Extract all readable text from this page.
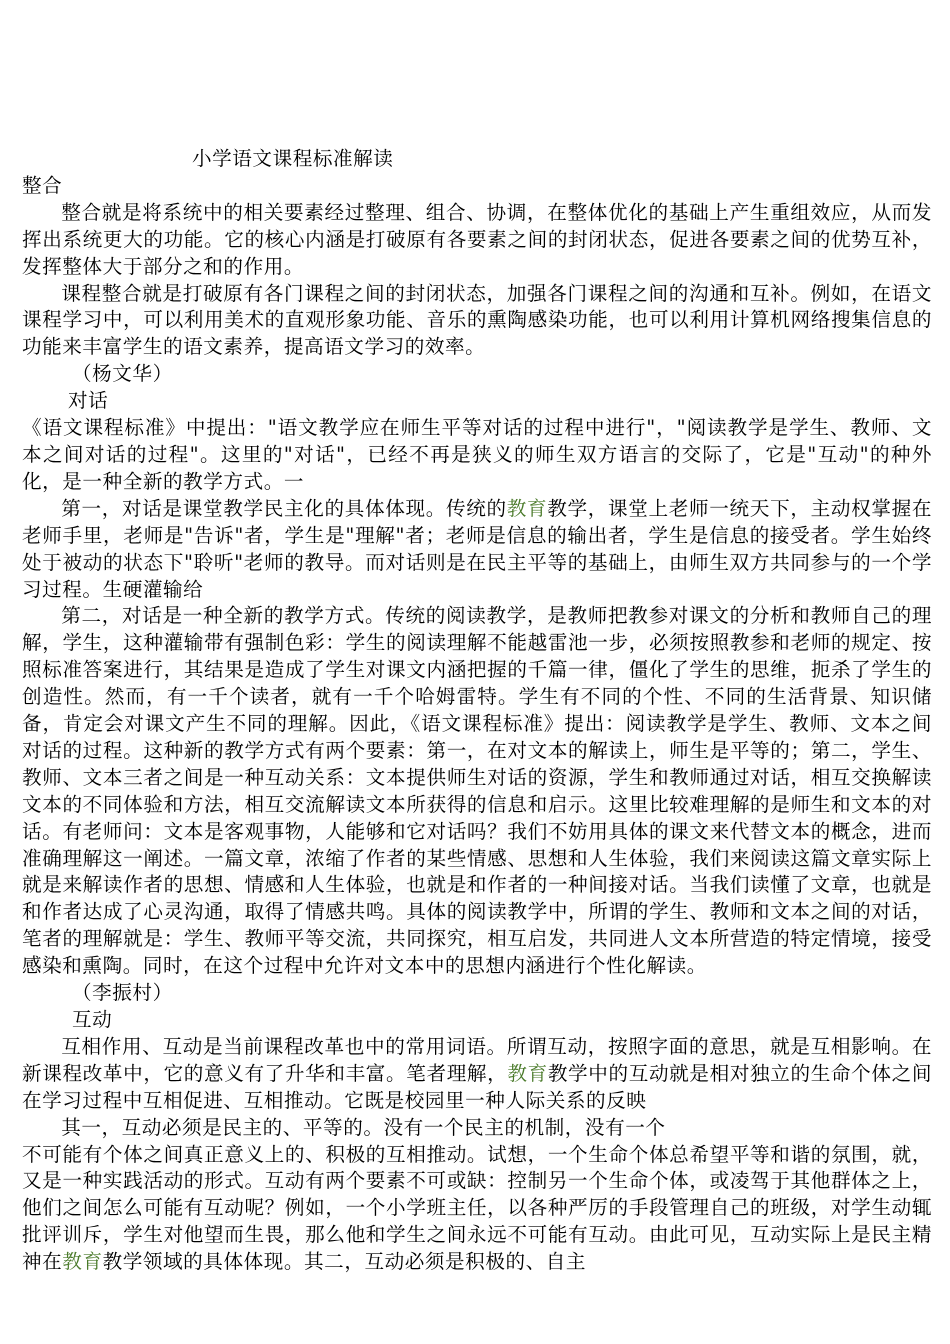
小学语文课程标准解读

整合

整合就是将系统中的相关要素经过整理、组合、协调，在整体优化的基础上产生重组效应，从而发挥出系统更大的功能。它的核心内涵是打破原有各要素之间的封闭状态，促进各要素之间的优势互补，发挥整体大于部分之和的作用。

课程整合就是打破原有各门课程之间的封闭状态，加强各门课程之间的沟通和互补。例如，在语文课程学习中，可以利用美术的直观形象功能、音乐的熏陶感染功能，也可以利用计算机网络搜集信息的功能来丰富学生的语文素养，提高语文学习的效率。

（杨文华）

对话

《语文课程标准》中提出："语文教学应在师生平等对话的过程中进行"，"阅读教学是学生、教师、文本之间对话的过程"。这里的"对话"，已经不再是狭义的师生双方语言的交际了，它是"互动"的种外化，是一种全新的教学方式。一

第一，对话是课堂教学民主化的具体体现。传统的教育教学，课堂上老师一统天下，主动权掌握在老师手里，老师是"告诉"者，学生是"理解"者；老师是信息的输出者，学生是信息的接受者。学生始终处于被动的状态下"聆听"老师的教导。而对话则是在民主平等的基础上，由师生双方共同参与的一个学习过程。生硬灌输给

第二，对话是一种全新的教学方式。传统的阅读教学，是教师把教参对课文的分析和教师自己的理解，学生，这种灌输带有强制色彩：学生的阅读理解不能越雷池一步，必须按照教参和老师的规定、按照标准答案进行，其结果是造成了学生对课文内涵把握的千篇一律，僵化了学生的思维，扼杀了学生的创造性。然而，有一千个读者，就有一千个哈姆雷特。学生有不同的个性、不同的生活背景、知识储备，肯定会对课文产生不同的理解。因此，《语文课程标准》提出：阅读教学是学生、教师、文本之间对话的过程。这种新的教学方式有两个要素：第一，在对文本的解读上，师生是平等的；第二，学生、教师、文本三者之间是一种互动关系：文本提供师生对话的资源，学生和教师通过对话，相互交换解读文本的不同体验和方法，相互交流解读文本所获得的信息和启示。这里比较难理解的是师生和文本的对话。有老师问：文本是客观事物，人能够和它对话吗？我们不妨用具体的课文来代替文本的概念，进而准确理解这一阐述。一篇文章，浓缩了作者的某些情感、思想和人生体验，我们来阅读这篇文章实际上就是来解读作者的思想、情感和人生体验，也就是和作者的一种间接对话。当我们读懂了文章，也就是和作者达成了心灵沟通，取得了情感共鸣。具体的阅读教学中，所谓的学生、教师和文本之间的对话，笔者的理解就是：学生、教师平等交流，共同探究，相互启发，共同进人文本所营造的特定情境，接受感染和熏陶。同时，在这个过程中允许对文本中的思想内涵进行个性化解读。

（李振村）

互动

互相作用、互动是当前课程改革也中的常用词语。所谓互动，按照字面的意思，就是互相影响。在新课程改革中，它的意义有了升华和丰富。笔者理解，教育教学中的互动就是相对独立的生命个体之间在学习过程中互相促进、互相推动。它既是校园里一种人际关系的反映

其一，互动必须是民主的、平等的。没有一个民主的机制，没有一个

不可能有个体之间真正意义上的、积极的互相推动。试想，一个生命个体总希望平等和谐的氛围，就，又是一种实践活动的形式。互动有两个要素不可或缺：控制另一个生命个体，或凌驾于其他群体之上，他们之间怎么可能有互动呢？例如，一个小学班主任，以各种严厉的手段管理自己的班级，对学生动辄批评训斥，学生对他望而生畏，那么他和学生之间永远不可能有互动。由此可见，互动实际上是民主精神在教育教学领域的具体体现。其二，互动必须是积极的、自主
